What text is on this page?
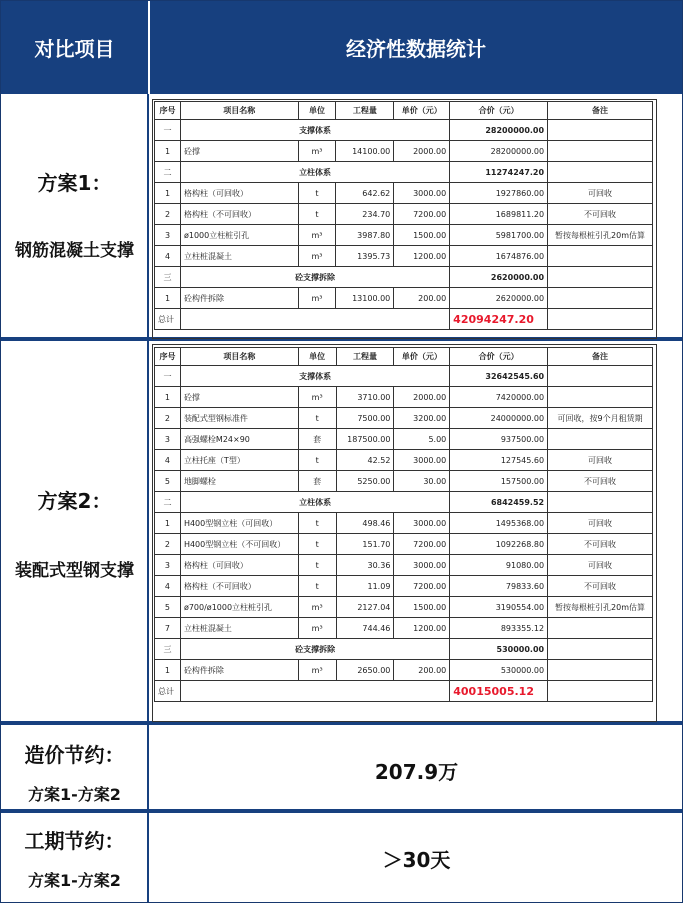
对比项目	经济性数据统计
方案1：
钢筋混凝土支撑
序号	项目名称	单位	工程量	单价（元）	合价（元）	备注
一	支撑体系				28200000.00	
1	砼撑	m³	14100.00	2000.00	28200000.00	
二	立柱体系				11274247.20	
1	格构柱（可回收）	t	642.62	3000.00	1927860.00	可回收
2	格构柱（不可回收）	t	234.70	7200.00	1689811.20	不可回收
3	ø1000立柱桩引孔	m³	3987.80	1500.00	5981700.00	暂按每根桩引孔20m估算
4	立柱桩混凝土	m³	1395.73	1200.00	1674876.00	
三	砼支撑拆除				2620000.00	
1	砼构件拆除	m³	13100.00	200.00	2620000.00	
总计					42094247.20	
方案2：
装配式型钢支撑
序号	项目名称	单位	工程量	单价（元）	合价（元）	备注
一	支撑体系				32642545.60	
1	砼撑	m³	3710.00	2000.00	7420000.00	
2	装配式型钢标准件	t	7500.00	3200.00	24000000.00	可回收，按9个月租赁期
3	高强螺栓M24×90	套	187500.00	5.00	937500.00	
4	立柱托座（T型）	t	42.52	3000.00	127545.60	可回收
5	地脚螺栓	套	5250.00	30.00	157500.00	不可回收
二	立柱体系				6842459.52	
1	H400型钢立柱（可回收）	t	498.46	3000.00	1495368.00	可回收
2	H400型钢立柱（不可回收）	t	151.70	7200.00	1092268.80	不可回收
3	格构柱（可回收）	t	30.36	3000.00	91080.00	可回收
4	格构柱（不可回收）	t	11.09	7200.00	79833.60	不可回收
5	ø700/ø1000立柱桩引孔	m³	2127.04	1500.00	3190554.00	暂按每根桩引孔20m估算
7	立柱桩混凝土	m³	744.46	1200.00	893355.12	
三	砼支撑拆除				530000.00	
1	砼构件拆除	m³	2650.00	200.00	530000.00	
总计					40015005.12	
造价节约：
方案1-方案2
207.9万
工期节约：
方案1-方案2
＞30天
